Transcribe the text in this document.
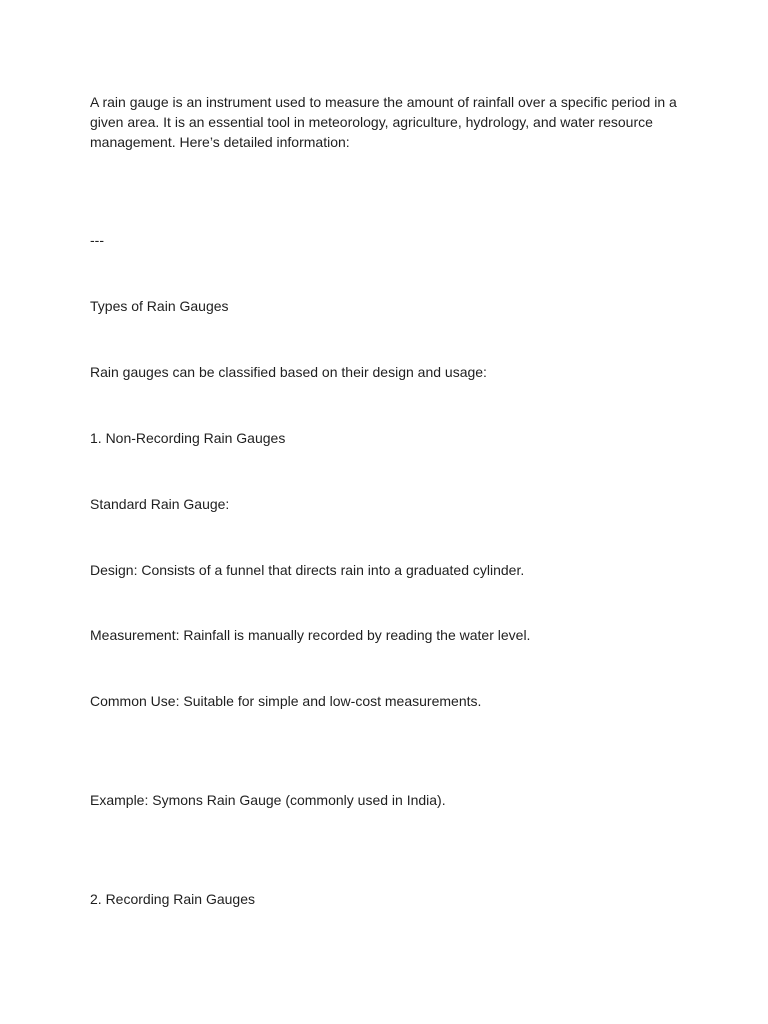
A rain gauge is an instrument used to measure the amount of rainfall over a specific period in a given area. It is an essential tool in meteorology, agriculture, hydrology, and water resource management. Here’s detailed information:

---

Types of Rain Gauges

Rain gauges can be classified based on their design and usage:

1. Non-Recording Rain Gauges

Standard Rain Gauge:

Design: Consists of a funnel that directs rain into a graduated cylinder.

Measurement: Rainfall is manually recorded by reading the water level.

Common Use: Suitable for simple and low-cost measurements.

Example: Symons Rain Gauge (commonly used in India).

2. Recording Rain Gauges
